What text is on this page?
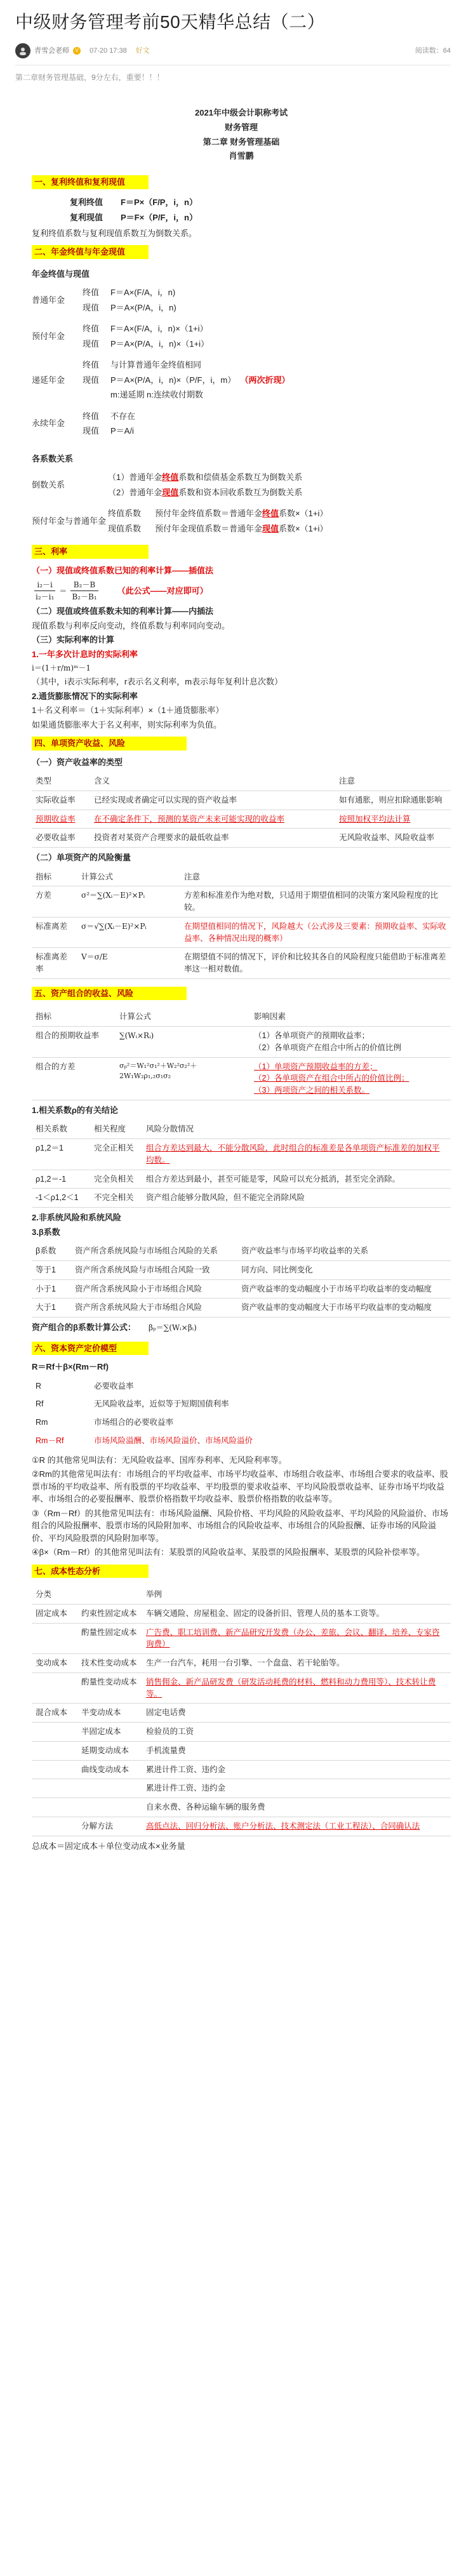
中级财务管理考前50天精华总结（二）
青雪会老师	V	07-20 17:38 好文	阅读数：64
第二章财务管理基础，9分左右，重要！！！
2021年中级会计职称考试
财务管理
第二章 财务管理基础
肖雪鹏
一、复利终值和复利现值
复利终值	F＝P×（F/P，i，n）
复利现值	P＝F×（P/F，i，n）
复利终值系数与复利现值系数互为倒数关系。
二、年金终值与年金现值
年金终值与现值
普通年金
终值	F＝A×(F/A，i，n)
现值	P＝A×(P/A，i，n)
预付年金
终值	F＝A×(F/A，i，n)×（1+i）
现值	P＝A×(P/A，i，n)×（1+i）
递延年金
终值	与计算普通年金终值相同
现值	P＝A×(P/A，i，n)×（P/F，i，m）
（两次折现）
m:递延期 n:连续收付期数
永续年金
终值	不存在
现值	P＝A/i
各系数关系
倒数关系
（1）普通年金 终值 系数和偿债基金系数互为倒数关系
（2）普通年金 现值 系数和资本回收系数互为倒数关系
预付年金与普通年金
终值系数	预付年金终值系数＝普通年金 终值 系数×（1+i）
现值系数	预付年金现值系数＝普通年金 现值 系数×（1+i）
三、利率
（一）现值或终值系数已知的利率计算——插值法
$\frac{\text{i₂－i}}{\text{i₂－i₁}} = \frac{\text{B₂－B}}{\text{B₂－B₁}}$ （此公式——对应即可）
（二）现值或终值系数未知的利率计算——内插法
现值系数与利率反向变动，终值系数与利率同向变动。
（三）实际利率的计算
1.一年多次计息时的实际利率
i＝(1＋r/m)ᵐ－1
（其中，i表示实际利率，r表示名义利率，m表示每年复利计息次数）
2.通货膨胀情况下的实际利率
1＋名义利率＝（1＋实际利率）×（1＋通货膨胀率）
如果通货膨胀率大于名义利率，则实际利率为负值。
四、单项资产收益、风险
（一）资产收益率的类型
类型	含义	注意
实际收益率	已经实现或者确定可以实现的资产收益率	如有通胀，则应扣除通胀影响
预期收益率	在不确定条件下，预测的某资产未来可能实现的收益率	按照加权平均法计算
必要收益率	投资者对某资产合理要求的最低收益率	无风险收益率、风险收益率
（二）单项资产的风险衡量
指标	计算公式	注意
方差	σ²＝∑(Xᵢ－E)²×Pᵢ	方差和标准差作为绝对数，只适用于期望值相同的决策方案风险程度的比较。
标准离差	σ＝√∑(Xᵢ－E)²×Pᵢ	在期望值相同的情况下，风险越大（公式涉及三要素：预期收益率、实际收益率、各种情况出现的概率）
标准离差率	V＝σ/E	在期望值不同的情况下，评价和比较其各自的风险程度只能借助于标准离差率这一相对数值。
五、资产组合的收益、风险
指标	计算公式	影响因素
组合的预期收益率	∑(Wᵢ×Rᵢ)	（1）各单项资产的预期收益率；
（2）各单项资产在组合中所占的价值比例

组合的方差	σₚ²＝W₁²σ₁²＋W₂²σ₂²＋2W₁W₂ρ₁,₂σ₁σ₂	（1）单项资产预期收益率的方差；
（2）各单项资产在组合中所占的价值比例；
（3）两项资产之间的相关系数。
1.相关系数ρ的有关结论
相关系数	相关程度	风险分散情况
ρ1,2＝1	完全正相关	组合方差达到最大，不能分散风险，此时组合的标准差是各单项资产标准差的加权平均数。
ρ1,2＝-1	完全负相关	组合方差达到最小，甚至可能是零，风险可以充分抵消，甚至完全消除。
-1＜ρ1,2＜1	不完全相关	资产组合能够分散风险，但不能完全消除风险
2.非系统风险和系统风险
3.β系数
β系数	资产所含系统风险与市场组合风险的关系	资产收益率与市场平均收益率的关系
等于1	资产所含系统风险与市场组合风险一致	同方向、同比例变化
小于1	资产所含系统风险小于市场组合风险	资产收益率的变动幅度小于市场平均收益率的变动幅度
大于1	资产所含系统风险大于市场组合风险	资产收益率的变动幅度大于市场平均收益率的变动幅度
资产组合的β系数计算公式： βₚ＝∑(Wᵢ×βᵢ)
六、资本资产定价模型
R＝Rf＋β×(Rm－Rf)
R	必要收益率
Rf	无风险收益率，近似等于短期国债利率
Rm	市场组合的必要收益率
Rm－Rf	市场风险溢酬、市场风险溢价、市场风险溢价
①R 的其他常见叫法有：无风险收益率、国库券利率、无风险利率等。
②Rm的其他常见叫法有：市场组合的平均收益率、市场平均收益率、市场组合收益率、市场组合要求的收益率、股票市场的平均收益率、所有股票的平均收益率、平均股票的要求收益率、平均风险股票收益率、证券市场平均收益率、市场组合的必要报酬率、股票价格指数平均收益率、股票价格指数的收益率等。
③（Rm－Rf）的其他常见叫法有：市场风险溢酬、风险价格、平均风险的风险收益率、平均风险的风险溢价、市场组合的风险报酬率、股票市场的风险附加率、市场组合的风险收益率、市场组合的风险报酬、证券市场的风险溢价、平均风险股票的风险附加率等。
④β×（Rm－Rf）的其他常见叫法有：某股票的风险收益率、某股票的风险报酬率、某股票的风险补偿率等。
七、成本性态分析
分类		举例
固定成本	约束性固定成本	车辆交通险、房屋租金、固定的设备折旧、管理人员的基本工资等。
	酌量性固定成本	广告费、职工培训费、新产品研究开发费（办公、差旅、会议、翻译、培养、专家咨询费）
变动成本	技术性变动成本	生产一台汽车，耗用一台引擎、一个盘盘、若干轮胎等。
	酌量性变动成本	销售佣金、新产品研发费（研发活动耗费的材料、燃料和动力费用等）、技术转让费等。
混合成本	半变动成本	固定电话费
	半固定成本	检验员的工资
	延期变动成本	手机流量费
	曲线变动成本	累进计件工资、违约金
		累进计件工资、违约金
		自来水费、各种运输车辆的服务费
	分解方法	高低点法、回归分析法、账户分析法、技术测定法（工业工程法）、合同确认法
总成本＝固定成本＋单位变动成本×业务量
